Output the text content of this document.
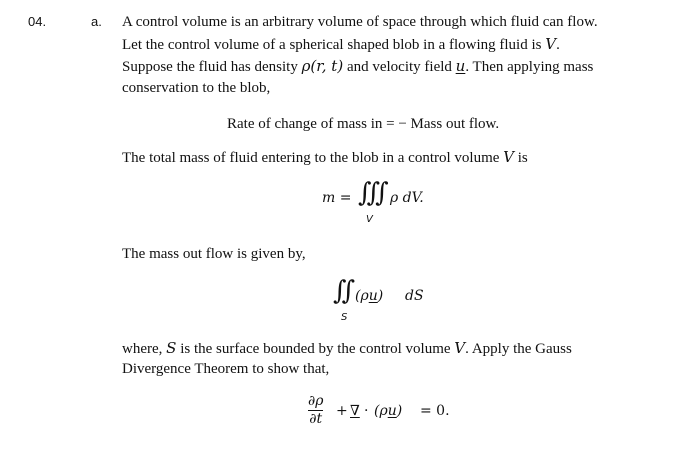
04.	a. A control volume is an arbitrary volume of space through which fluid can flow.
Let the control volume of a spherical shaped blob in a flowing fluid is V.
Suppose the fluid has density ρ(r, t) and velocity field u. Then applying mass
conservation to the blob,
Rate of change of mass in = − Mass out flow.
The total mass of fluid entering to the blob in a control volume V is
m = ∭ ρ dV.
V
The mass out flow is given by,
∬ (ρu) dS
S
where, S is the surface bounded by the control volume V. Apply the Gauss
Divergence Theorem to show that,
∂ρ
∂t + ∇ · (ρu) = 0.
